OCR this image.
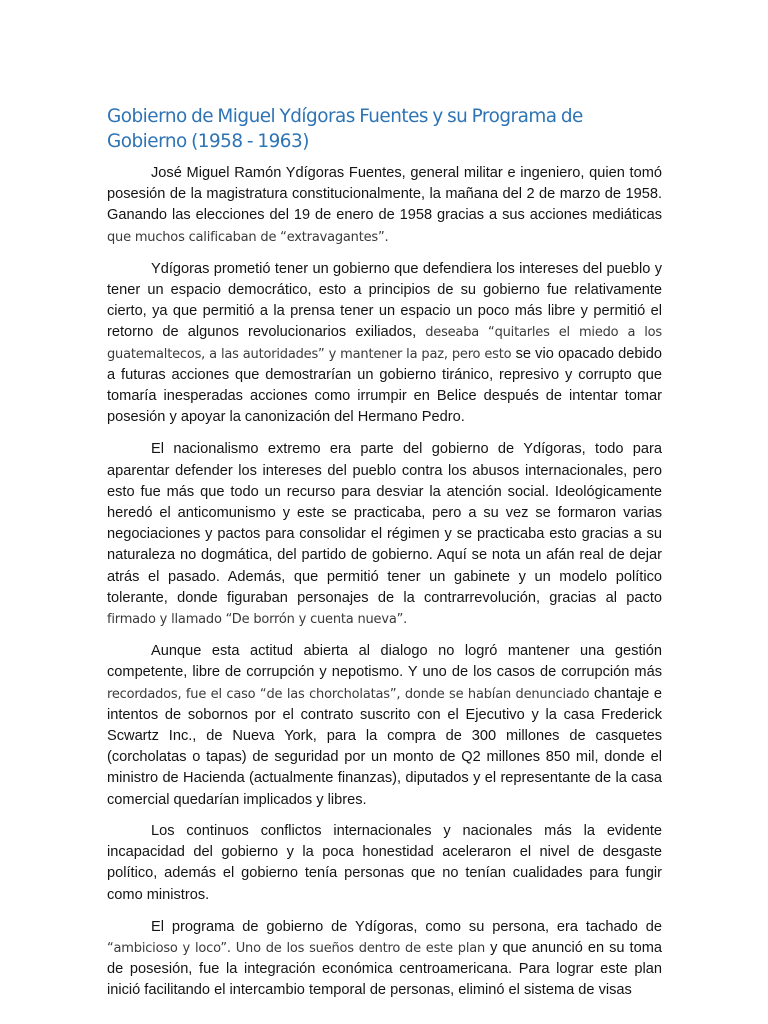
Gobierno de Miguel Ydígoras Fuentes y su Programa de Gobierno (1958 - 1963)

José Miguel Ramón Ydígoras Fuentes, general militar e ingeniero, quien tomó posesión de la magistratura constitucionalmente, la mañana del 2 de marzo de 1958. Ganando las elecciones del 19 de enero de 1958 gracias a sus acciones mediáticas que muchos calificaban de “extravagantes”.

Ydígoras prometió tener un gobierno que defendiera los intereses del pueblo y tener un espacio democrático, esto a principios de su gobierno fue relativamente cierto, ya que permitió a la prensa tener un espacio un poco más libre y permitió el retorno de algunos revolucionarios exiliados, deseaba “quitarles el miedo a los guatemaltecos, a las autoridades” y mantener la paz, pero esto se vio opacado debido a futuras acciones que demostrarían un gobierno tiránico, represivo y corrupto que tomaría inesperadas acciones como irrumpir en Belice después de intentar tomar posesión y apoyar la canonización del Hermano Pedro.

El nacionalismo extremo era parte del gobierno de Ydígoras, todo para aparentar defender los intereses del pueblo contra los abusos internacionales, pero esto fue más que todo un recurso para desviar la atención social. Ideológicamente heredó el anticomunismo y este se practicaba, pero a su vez se formaron varias negociaciones y pactos para consolidar el régimen y se practicaba esto gracias a su naturaleza no dogmática, del partido de gobierno. Aquí se nota un afán real de dejar atrás el pasado. Además, que permitió tener un gabinete y un modelo político tolerante, donde figuraban personajes de la contrarrevolución, gracias al pacto firmado y llamado “De borrón y cuenta nueva”.

Aunque esta actitud abierta al dialogo no logró mantener una gestión competente, libre de corrupción y nepotismo. Y uno de los casos de corrupción más recordados, fue el caso “de las chorcholatas”, donde se habían denunciado chantaje e intentos de sobornos por el contrato suscrito con el Ejecutivo y la casa Frederick Scwartz Inc., de Nueva York, para la compra de 300 millones de casquetes (corcholatas o tapas) de seguridad por un monto de Q2 millones 850 mil, donde el ministro de Hacienda (actualmente finanzas), diputados y el representante de la casa comercial quedarían implicados y libres.

Los continuos conflictos internacionales y nacionales más la evidente incapacidad del gobierno y la poca honestidad aceleraron el nivel de desgaste político, además el gobierno tenía personas que no tenían cualidades para fungir como ministros.

El programa de gobierno de Ydígoras, como su persona, era tachado de “ambicioso y loco”. Uno de los sueños dentro de este plan y que anunció en su toma de posesión, fue la integración económica centroamericana. Para lograr este plan inició facilitando el intercambio temporal de personas, eliminó el sistema de visas
